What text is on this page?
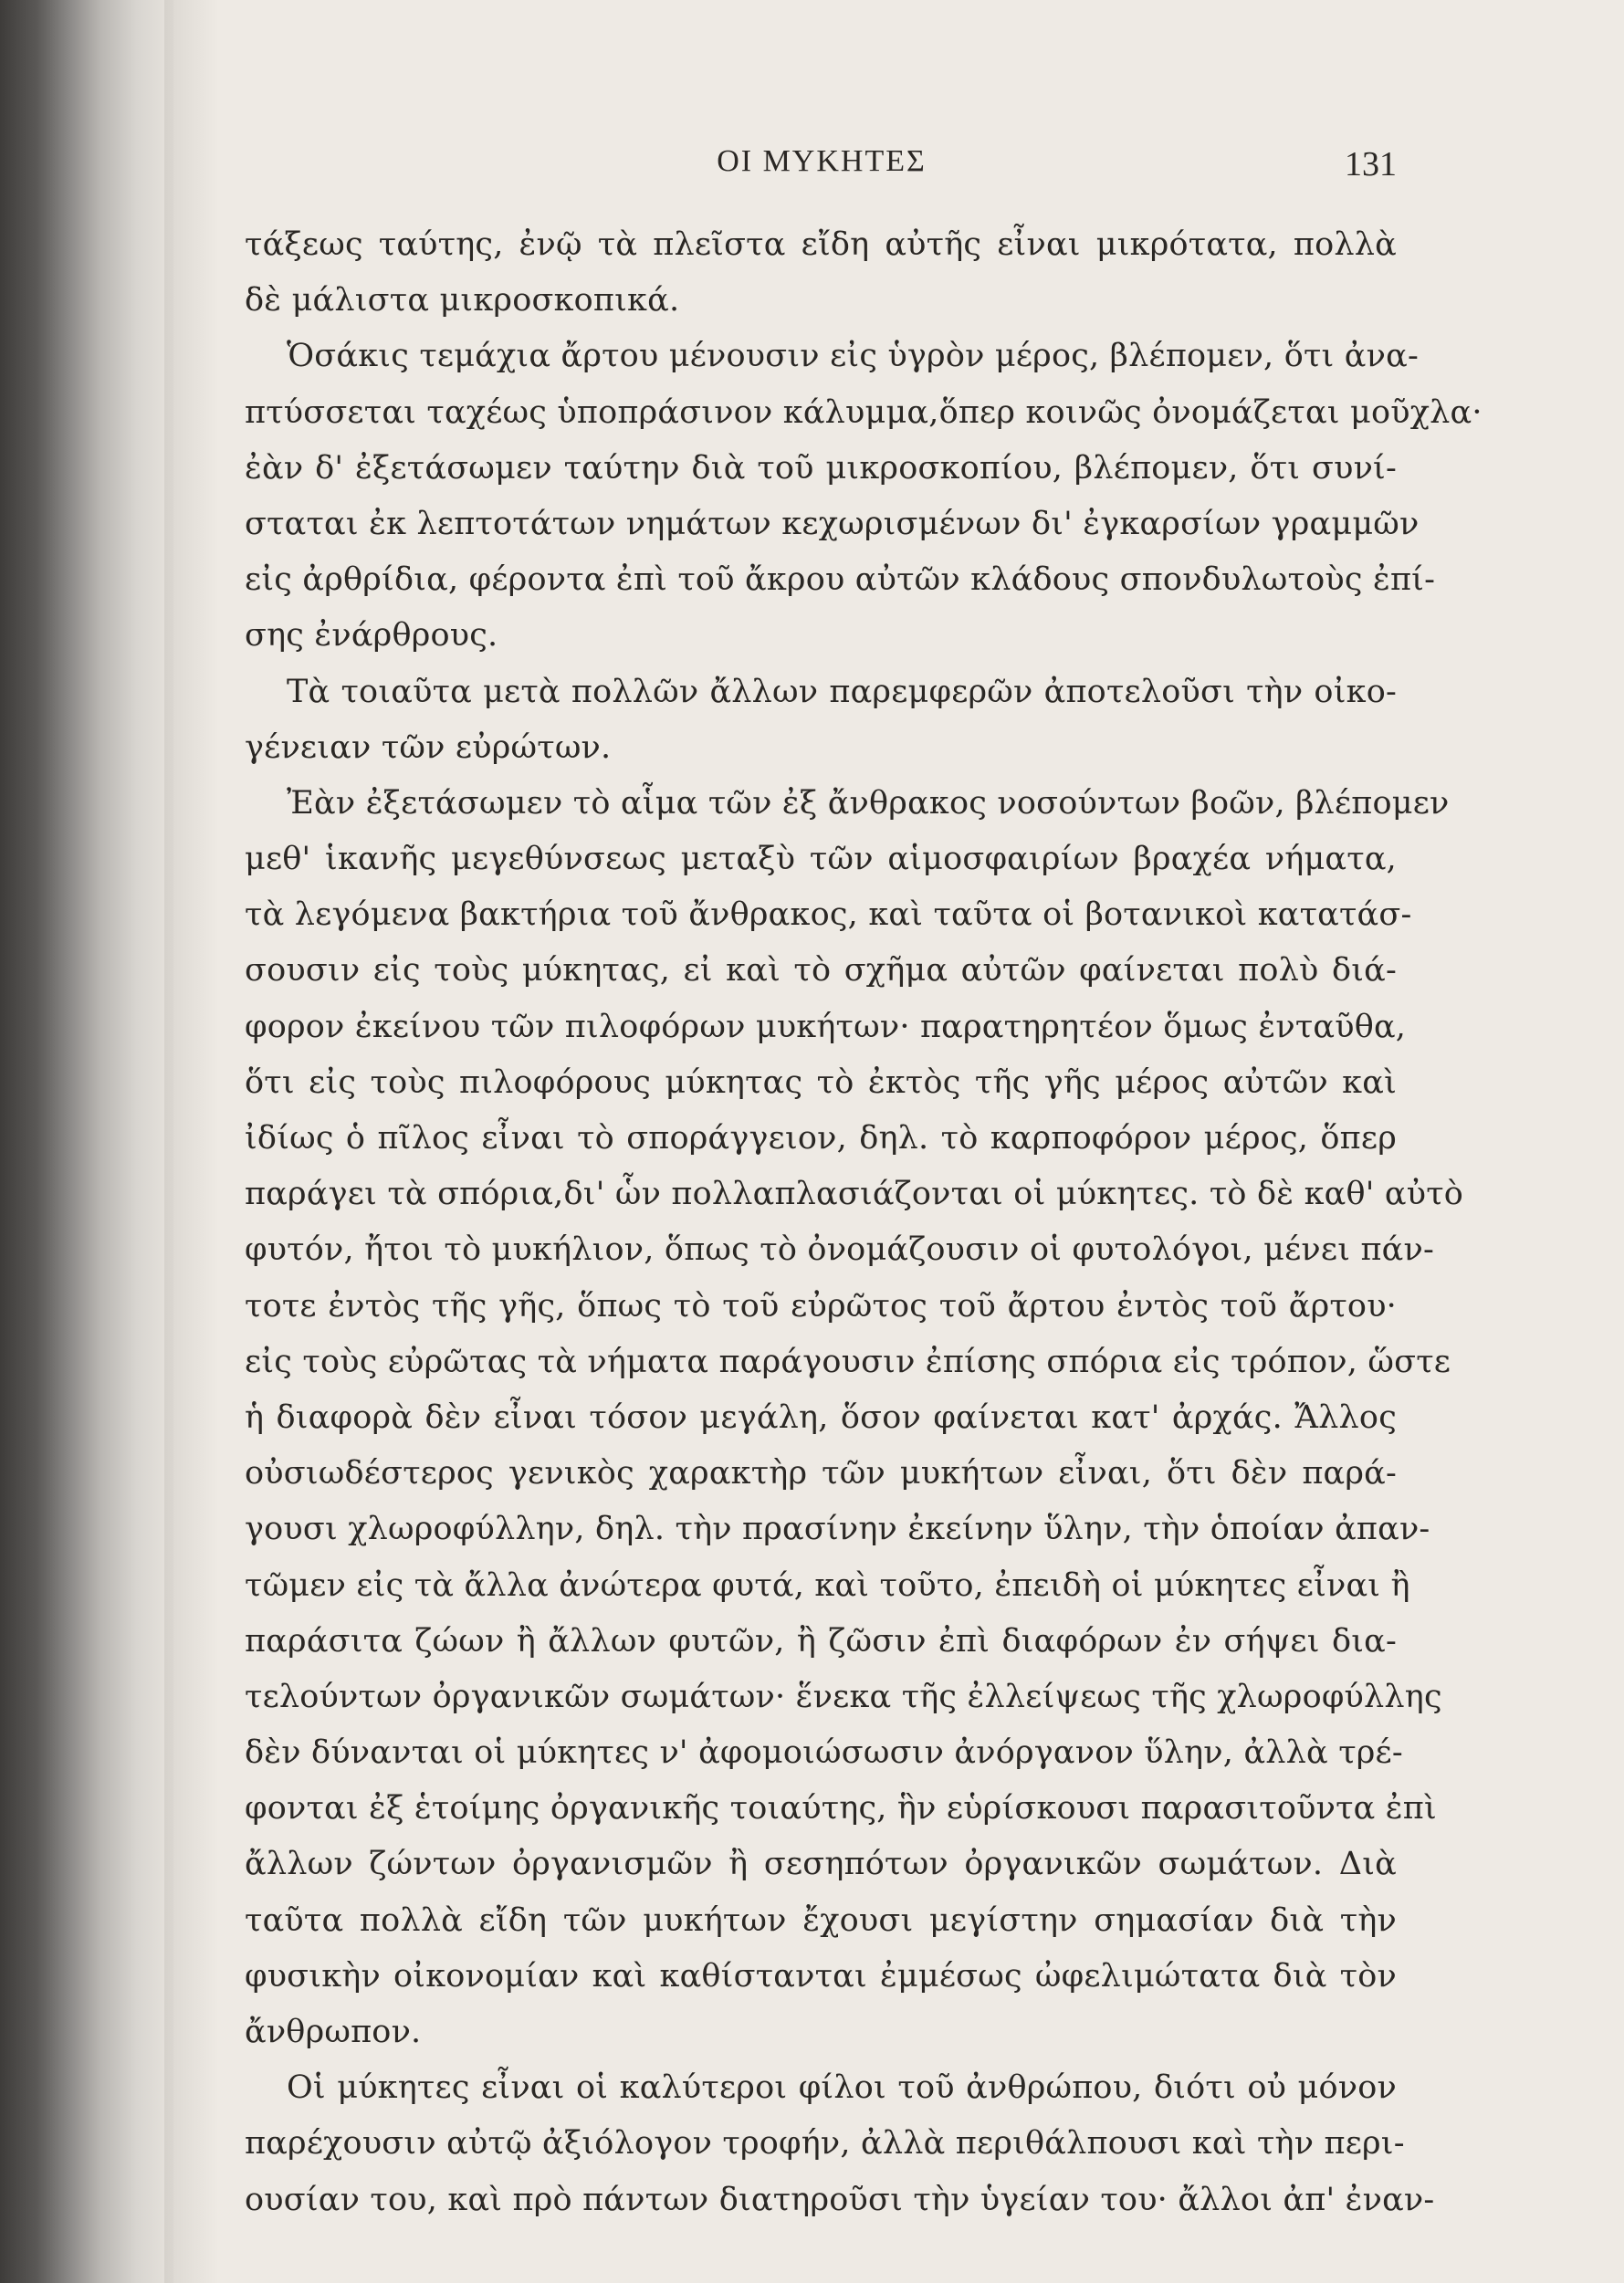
ΟΙ ΜΥΚΗΤΕΣ	131
τάξεως ταύτης, ἐνῷ τὰ πλεῖστα εἴδη αὐτῆς εἶναι μικρότατα, πολλὰ
δὲ μάλιστα μικροσκοπικά.
Ὁσάκις τεμάχια ἄρτου μένουσιν εἰς ὑγρὸν μέρος, βλέπομεν, ὅτι ἀνα-
πτύσσεται ταχέως ὑποπράσινον κάλυμμα,ὅπερ κοινῶς ὀνομάζεται μοῦχλα·
ἐὰν δ' ἐξετάσωμεν ταύτην διὰ τοῦ μικροσκοπίου, βλέπομεν, ὅτι συνί-
σταται ἐκ λεπτοτάτων νημάτων κεχωρισμένων δι' ἐγκαρσίων γραμμῶν
εἰς ἀρθρίδια, φέροντα ἐπὶ τοῦ ἄκρου αὐτῶν κλάδους σπονδυλωτοὺς ἐπί-
σης ἐνάρθρους.
Τὰ τοιαῦτα μετὰ πολλῶν ἄλλων παρεμφερῶν ἀποτελοῦσι τὴν οἰκο-
γένειαν τῶν εὐρώτων.
Ἐὰν ἐξετάσωμεν τὸ αἷμα τῶν ἐξ ἄνθρακος νοσούντων βοῶν, βλέπομεν
μεθ' ἱκανῆς μεγεθύνσεως μεταξὺ τῶν αἱμοσφαιρίων βραχέα νήματα,
τὰ λεγόμενα βακτήρια τοῦ ἄνθρακος, καὶ ταῦτα οἱ βοτανικοὶ κατατάσ-
σουσιν εἰς τοὺς μύκητας, εἰ καὶ τὸ σχῆμα αὐτῶν φαίνεται πολὺ διά-
φορον ἐκείνου τῶν πιλοφόρων μυκήτων· παρατηρητέον ὅμως ἐνταῦθα,
ὅτι εἰς τοὺς πιλοφόρους μύκητας τὸ ἐκτὸς τῆς γῆς μέρος αὐτῶν καὶ
ἰδίως ὁ πῖλος εἶναι τὸ σποράγγειον, δηλ. τὸ καρποφόρον μέρος, ὅπερ
παράγει τὰ σπόρια,δι' ὧν πολλαπλασιάζονται οἱ μύκητες. τὸ δὲ καθ' αὐτὸ
φυτόν, ἤτοι τὸ μυκήλιον, ὅπως τὸ ὀνομάζουσιν οἱ φυτολόγοι, μένει πάν-
τοτε ἐντὸς τῆς γῆς, ὅπως τὸ τοῦ εὐρῶτος τοῦ ἄρτου ἐντὸς τοῦ ἄρτου·
εἰς τοὺς εὐρῶτας τὰ νήματα παράγουσιν ἐπίσης σπόρια εἰς τρόπον, ὥστε
ἡ διαφορὰ δὲν εἶναι τόσον μεγάλη, ὅσον φαίνεται κατ' ἀρχάς. Ἄλλος
οὐσιωδέστερος γενικὸς χαρακτὴρ τῶν μυκήτων εἶναι, ὅτι δὲν παρά-
γουσι χλωροφύλλην, δηλ. τὴν πρασίνην ἐκείνην ὕλην, τὴν ὁποίαν ἀπαν-
τῶμεν εἰς τὰ ἄλλα ἀνώτερα φυτά, καὶ τοῦτο, ἐπειδὴ οἱ μύκητες εἶναι ἢ
παράσιτα ζώων ἢ ἄλλων φυτῶν, ἢ ζῶσιν ἐπὶ διαφόρων ἐν σήψει δια-
τελούντων ὀργανικῶν σωμάτων· ἕνεκα τῆς ἐλλείψεως τῆς χλωροφύλλης
δὲν δύνανται οἱ μύκητες ν' ἀφομοιώσωσιν ἀνόργανον ὕλην, ἀλλὰ τρέ-
φονται ἐξ ἑτοίμης ὀργανικῆς τοιαύτης, ἣν εὑρίσκουσι παρασιτοῦντα ἐπὶ
ἄλλων ζώντων ὀργανισμῶν ἢ σεσηπότων ὀργανικῶν σωμάτων. Διὰ
ταῦτα πολλὰ εἴδη τῶν μυκήτων ἔχουσι μεγίστην σημασίαν διὰ τὴν
φυσικὴν οἰκονομίαν καὶ καθίστανται ἐμμέσως ὠφελιμώτατα διὰ τὸν
ἄνθρωπον.
Οἱ μύκητες εἶναι οἱ καλύτεροι φίλοι τοῦ ἀνθρώπου, διότι οὐ μόνον
παρέχουσιν αὐτῷ ἀξιόλογον τροφήν, ἀλλὰ περιθάλπουσι καὶ τὴν περι-
ουσίαν του, καὶ πρὸ πάντων διατηροῦσι τὴν ὑγείαν του· ἄλλοι ἀπ' ἐναν-
